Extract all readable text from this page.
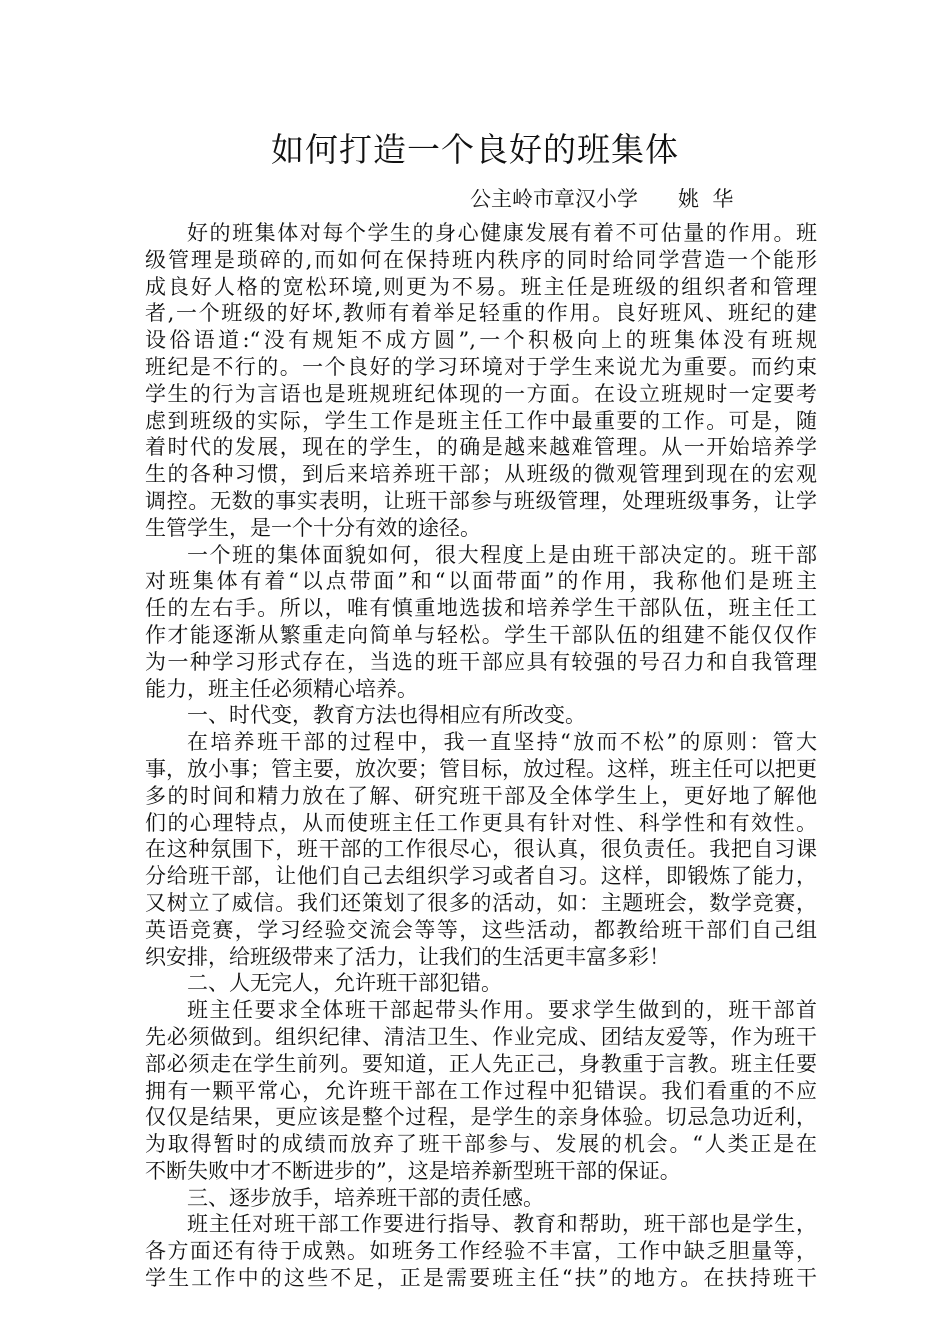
如何打造一个良好的班集体
公主岭市章汉小学      姚  华
好的班集体对每个学生的身心健康发展有着不可估量的作用。班
级管理是琐碎的,而如何在保持班内秩序的同时给同学营造一个能形
成良好人格的宽松环境,则更为不易。班主任是班级的组织者和管理
者,一个班级的好坏,教师有着举足轻重的作用。良好班风、班纪的建
设俗语道:“没有规矩不成方圆”,一个积极向上的班集体没有班规
班纪是不行的。一个良好的学习环境对于学生来说尤为重要。而约束
学生的行为言语也是班规班纪体现的一方面。在设立班规时一定要考
虑到班级的实际，学生工作是班主任工作中最重要的工作。可是，随
着时代的发展，现在的学生，的确是越来越难管理。从一开始培养学
生的各种习惯，到后来培养班干部；从班级的微观管理到现在的宏观
调控。无数的事实表明，让班干部参与班级管理，处理班级事务，让学
生管学生，是一个十分有效的途径。
一个班的集体面貌如何，很大程度上是由班干部决定的。班干部
对班集体有着“以点带面”和“以面带面”的作用，我称他们是班主
任的左右手。所以，唯有慎重地选拔和培养学生干部队伍，班主任工
作才能逐渐从繁重走向简单与轻松。学生干部队伍的组建不能仅仅作
为一种学习形式存在，当选的班干部应具有较强的号召力和自我管理
能力，班主任必须精心培养。
一、时代变，教育方法也得相应有所改变。
在培养班干部的过程中，我一直坚持“放而不松”的原则：管大
事，放小事；管主要，放次要；管目标，放过程。这样，班主任可以把更
多的时间和精力放在了解、研究班干部及全体学生上，更好地了解他
们的心理特点，从而使班主任工作更具有针对性、科学性和有效性。
在这种氛围下，班干部的工作很尽心，很认真，很负责任。我把自习课
分给班干部，让他们自己去组织学习或者自习。这样，即锻炼了能力，
又树立了威信。我们还策划了很多的活动，如：主题班会，数学竞赛，
英语竞赛，学习经验交流会等等，这些活动，都教给班干部们自己组
织安排，给班级带来了活力，让我们的生活更丰富多彩！
二、人无完人，允许班干部犯错。
班主任要求全体班干部起带头作用。要求学生做到的，班干部首
先必须做到。组织纪律、清洁卫生、作业完成、团结友爱等，作为班干
部必须走在学生前列。要知道，正人先正己，身教重于言教。班主任要
拥有一颗平常心，允许班干部在工作过程中犯错误。我们看重的不应
仅仅是结果，更应该是整个过程，是学生的亲身体验。切忌急功近利，
为取得暂时的成绩而放弃了班干部参与、发展的机会。“人类正是在
不断失败中才不断进步的”，这是培养新型班干部的保证。
三、逐步放手，培养班干部的责任感。
班主任对班干部工作要进行指导、教育和帮助，班干部也是学生，
各方面还有待于成熟。如班务工作经验不丰富，工作中缺乏胆量等，
学生工作中的这些不足，正是需要班主任“扶”的地方。在扶持班干
